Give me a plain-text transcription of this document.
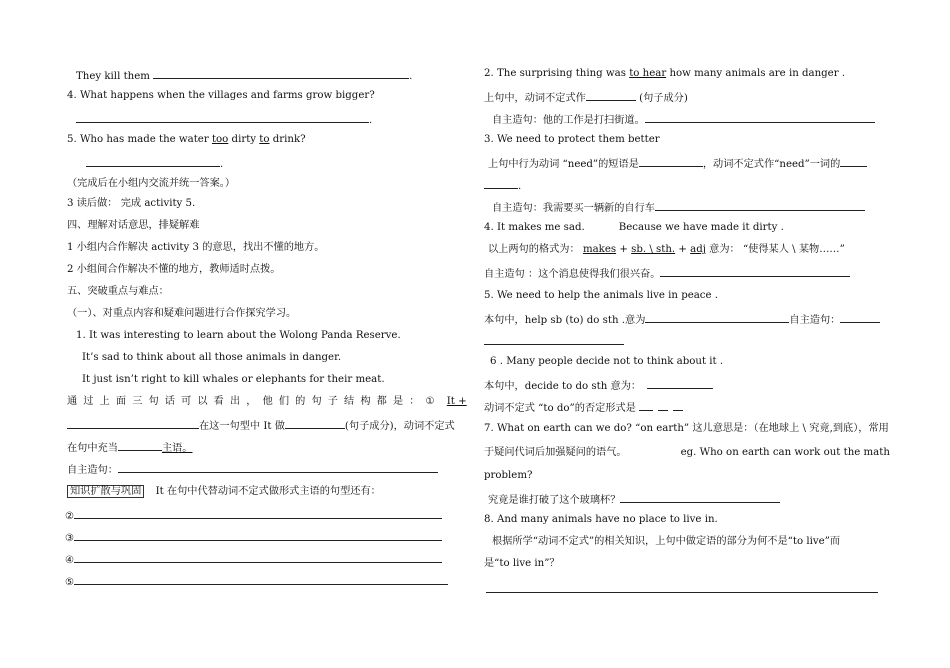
They kill them	.
4. What happens when the villages and farms grow bigger?
.
5. Who has made the water too dirty to drink?
.
（完成后在小组内交流并统一答案。）
3 读后做： 完成 activity 5.
四、理解对话意思，排疑解难
1 小组内合作解决 activity 3 的意思，找出不懂的地方。
2 小组间合作解决不懂的地方，教师适时点拨。
五、突破重点与难点：
（一）、对重点内容和疑难问题进行合作探究学习。
1. It was interesting to learn about the Wolong Panda Reserve.
It’s sad to think about all those animals in danger.
It just isn’t right to kill whales or elephants for their meat.
通 过 上 面 三 句 话 可 以 看 出 ， 他 们 的 句 子 结 构 都 是 ： ① It +
在这一句型中 It 做	(句子成分)，动词不定式
在句中充当	主语。
自主造句：
知识扩散与巩固 It 在句中代替动词不定式做形式主语的句型还有：
②
③
④
⑤
2. The surprising thing was to hear how many animals are in danger .
上句中，动词不定式作	(句子成分)
自主造句：他的工作是打扫街道。
3. We need to protect them better
上句中行为动词 “need”的短语是	，动词不定式作“need”一词的
.
自主造句：我需要买一辆新的自行车
4. It makes me sad.	Because we have made it dirty .
以上两句的格式为： makes + sb. \ sth. + adj 意为： “使得某人 \ 某物……”
自主造句 ：这个消息使得我们很兴奋。
5. We need to help the animals live in peace .
本句中，help sb (to) do sth .意为	自主造句：
6 . Many people decide not to think about it .
本句中，decide to do sth 意为：
动词不定式 “to do”的否定形式是
7. What on earth can we do? “on earth” 这儿意思是：（在地球上 \ 究竟,到底），常用
于疑问代词后加强疑问的语气。	eg. Who on earth can work out the math
problem?
究竟是谁打破了这个玻璃杯？
8. And many animals have no place to live in.
根据所学“动词不定式”的相关知识，上句中做定语的部分为何不是“to live”而
是“to live in”？
